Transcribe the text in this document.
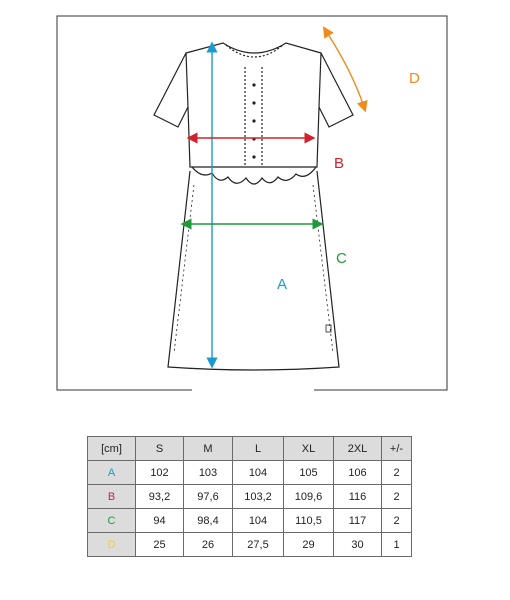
A
B
C
D
[cm]	S	M	L	XL	2XL	+/-
A	102	103	104	105	106	2
B	93,2	97,6	103,2	109,6	116	2
C	94	98,4	104	110,5	117	2
D	25	26	27,5	29	30	1
